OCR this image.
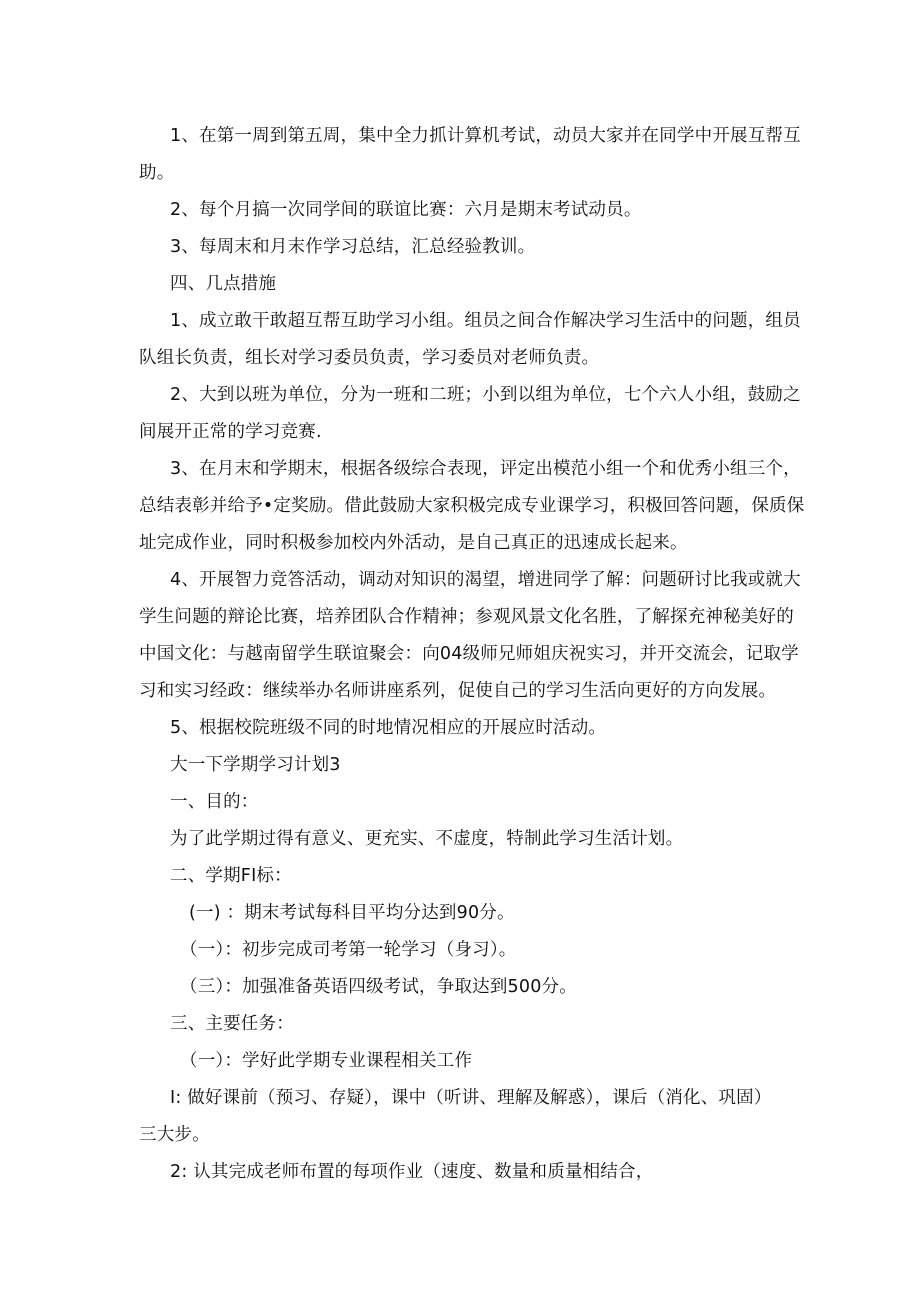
1、在第一周到第五周，集中全力抓计算机考试，动员大家并在同学中开展互帮互

助。

2、每个月搞一次同学间的联谊比赛：六月是期末考试动员。

3、每周末和月末作学习总结，汇总经验教训。

四、几点措施

1、成立敢干敢超互帮互助学习小组。组员之间合作解决学习生活中的问题，组员

队组长负责，组长对学习委员负责，学习委员对老师负责。

2、大到以班为单位，分为一班和二班；小到以组为单位，七个六人小组，鼓励之

间展开正常的学习竞赛.

3、在月末和学期末，根据各级综合表现，评定出模范小组一个和优秀小组三个，

总结表彰并给予•定奖励。借此鼓励大家积极完成专业课学习，积极回答问题，保质保

址完成作业，同时积极参加校内外活动，是自己真正的迅速成长起来。

4、开展智力竞答活动，调动对知识的渴望，增进同学了解：问题研讨比我或就大

学生问题的辩论比赛，培养团队合作精神；参观风景文化名胜，了解探充神秘美好的

中国文化：与越南留学生联谊聚会：向04级师兄师姐庆祝实习，并开交流会，记取学

习和实习经政：继续举办名师讲座系列，促使自己的学习生活向更好的方向发展。

5、根据校院班级不同的时地情况相应的开展应时活动。

大一下学期学习计划3

一、目的：

为了此学期过得有意义、更充实、不虚度，特制此学习生活计划。

二、学期FI标：

(一) ：期末考试每科目平均分达到90分。

（一）：初步完成司考第一轮学习（身习）。

（三）：加强准备英语四级考试，争取达到500分。

三、主要任务：

（一）：学好此学期专业课程相关工作

I: 做好课前（预习、存疑），课中（听讲、理解及解惑），课后（消化、巩固）

三大步。

2: 认其完成老师布置的每项作业（速度、数量和质量相结合，
